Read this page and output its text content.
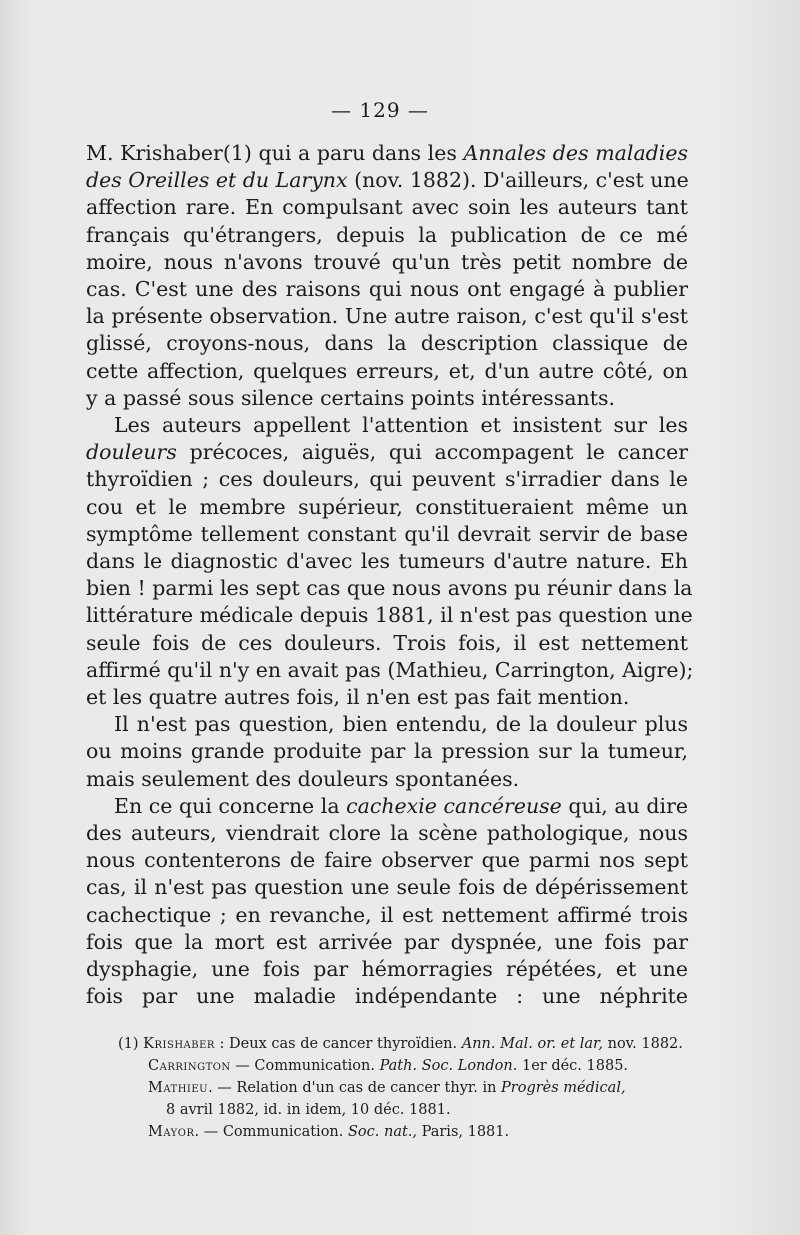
— 129 —
M. Krishaber(1) qui a paru dans les Annales des maladies
des Oreilles et du Larynx (nov. 1882). D'ailleurs, c'est une
affection rare. En compulsant avec soin les auteurs tant
français qu'étrangers, depuis la publication de ce mé
moire, nous n'avons trouvé qu'un très petit nombre de
cas. C'est une des raisons qui nous ont engagé à publier
la présente observation. Une autre raison, c'est qu'il s'est
glissé, croyons-nous, dans la description classique de
cette affection, quelques erreurs, et, d'un autre côté, on
y a passé sous silence certains points intéressants.
Les auteurs appellent l'attention et insistent sur les
douleurs précoces, aiguës, qui accompagent le cancer
thyroïdien ; ces douleurs, qui peuvent s'irradier dans le
cou et le membre supérieur, constitueraient même un
symptôme tellement constant qu'il devrait servir de base
dans le diagnostic d'avec les tumeurs d'autre nature. Eh
bien ! parmi les sept cas que nous avons pu réunir dans la
littérature médicale depuis 1881, il n'est pas question une
seule fois de ces douleurs. Trois fois, il est nettement
affirmé qu'il n'y en avait pas (Mathieu, Carrington, Aigre);
et les quatre autres fois, il n'en est pas fait mention.
Il n'est pas question, bien entendu, de la douleur plus
ou moins grande produite par la pression sur la tumeur,
mais seulement des douleurs spontanées.
En ce qui concerne la cachexie cancéreuse qui, au dire
des auteurs, viendrait clore la scène pathologique, nous
nous contenterons de faire observer que parmi nos sept
cas, il n'est pas question une seule fois de dépérissement
cachectique ; en revanche, il est nettement affirmé trois
fois que la mort est arrivée par dyspnée, une fois par
dysphagie, une fois par hémorragies répétées, et une
fois par une maladie indépendante : une néphrite
(1) Krishaber : Deux cas de cancer thyroïdien. Ann. Mal. or. et lar, nov. 1882.
Carrington — Communication. Path. Soc. London. 1er déc. 1885.
Mathieu. — Relation d'un cas de cancer thyr. in Progrès médical,
8 avril 1882, id. in idem, 10 déc. 1881.
Mayor. — Communication. Soc. nat., Paris, 1881.
